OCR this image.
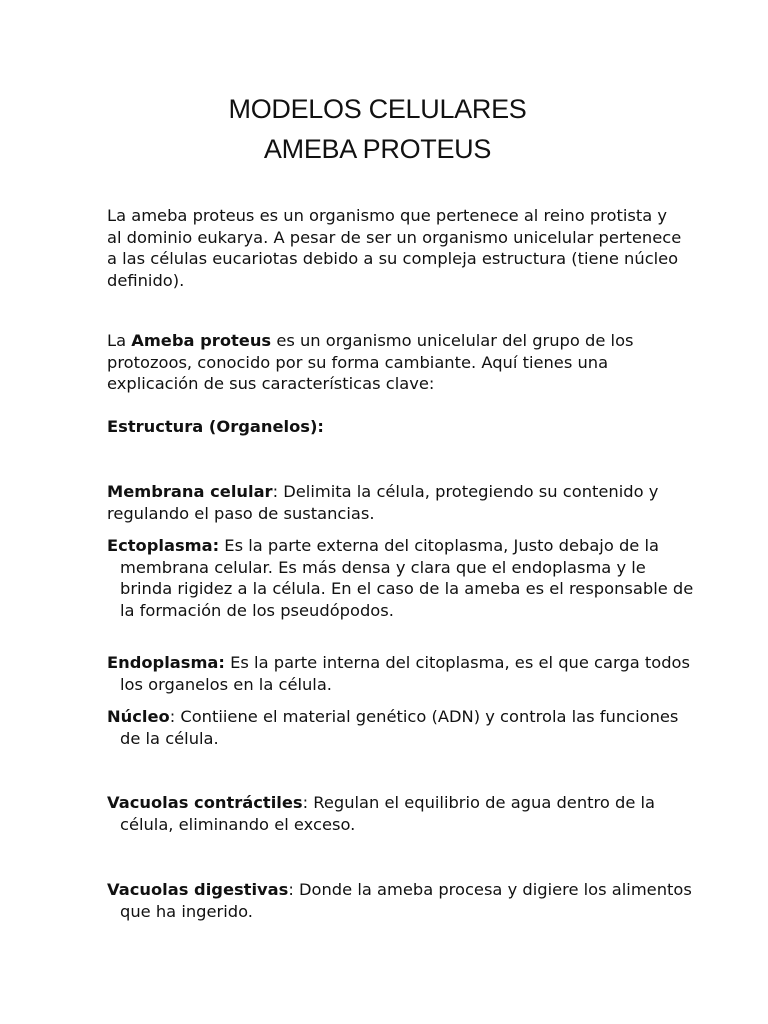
MODELOS CELULARES
AMEBA PROTEUS

La ameba proteus es un organismo que pertenece al reino protista y al dominio eukarya. A pesar de ser un organismo unicelular pertenece a las células eucariotas debido a su compleja estructura (tiene núcleo definido).

La Ameba proteus es un organismo unicelular del grupo de los protozoos, conocido por su forma cambiante. Aquí tienes una explicación de sus características clave:

Estructura (Organelos):

Membrana celular: Delimita la célula, protegiendo su contenido y regulando el paso de sustancias.

Ectoplasma: Es la parte externa del citoplasma, Justo debajo de la membrana celular. Es más densa y clara que el endoplasma y le brinda rigidez a la célula. En el caso de la ameba es el responsable de la formación de los pseudópodos.

Endoplasma: Es la parte interna del citoplasma, es el que carga todos los organelos en la célula.

Núcleo: Contiiene el material genético (ADN) y controla las funciones de la célula.

Vacuolas contráctiles: Regulan el equilibrio de agua dentro de la célula, eliminando el exceso.

Vacuolas digestivas: Donde la ameba procesa y digiere los alimentos que ha ingerido.
